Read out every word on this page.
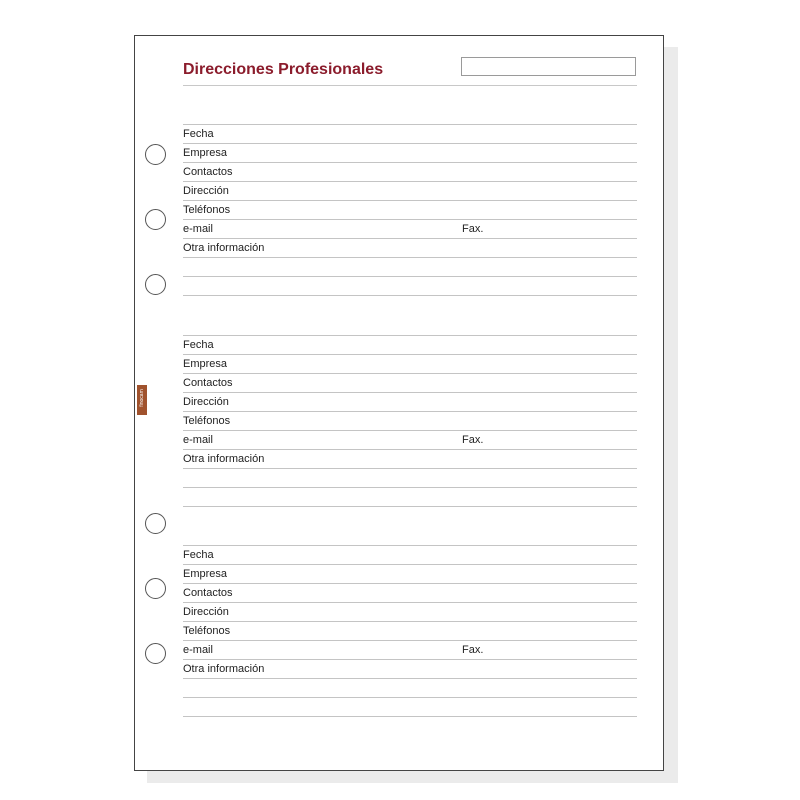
Direcciones Profesionales
finocam
Fecha
Empresa
Contactos
Dirección
Teléfonos
e-mail	Fax.
Otra información
Fecha
Empresa
Contactos
Dirección
Teléfonos
e-mail	Fax.
Otra información
Fecha
Empresa
Contactos
Dirección
Teléfonos
e-mail	Fax.
Otra información
